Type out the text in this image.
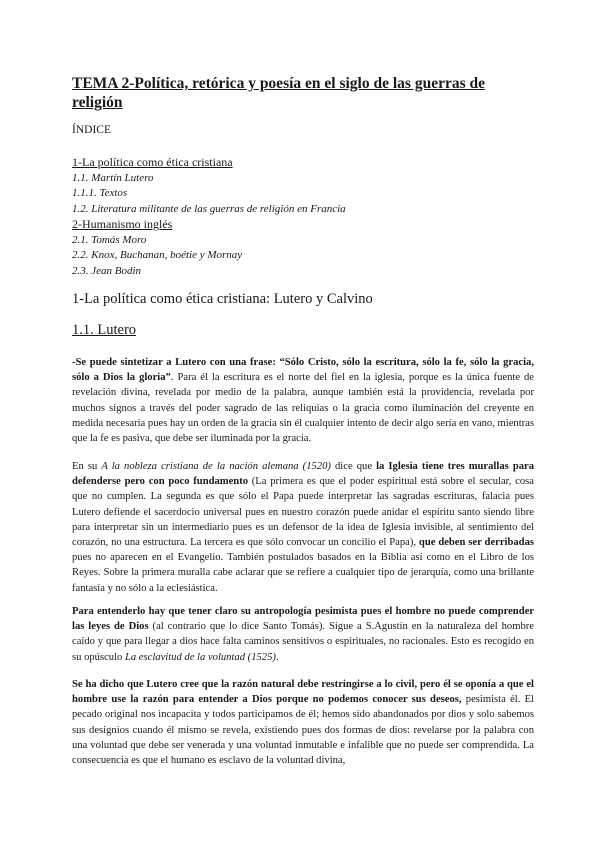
TEMA 2-Política, retórica y poesía en el siglo de las guerras de religión
ÍNDICE
1-La política como ética cristiana
1.1. Martín Lutero
1.1.1. Textos
1.2. Literatura militante de las guerras de religión en Francia
2-Humanismo inglés
2.1. Tomás Moro
2.2. Knox, Buchanan, boétie y Mornay
2.3. Jean Bodin
1-La política como ética cristiana: Lutero y Calvino
1.1. Lutero

-Se puede sintetizar a Lutero con una frase: “Sólo Cristo, sólo la escritura, sólo la fe, sólo la gracia, sólo a Dios la gloria”. Para él la escritura es el norte del fiel en la iglesia, porque es la única fuente de revelación divina, revelada por medio de la palabra, aunque también está la providencia, revelada por muchos signos a través del poder sagrado de las reliquias o la gracia como iluminación del creyente en medida necesaria pues hay un orden de la gracia sin él cualquier intento de decir algo sería en vano, mientras que la fe es pasiva, que debe ser iluminada por la gracia.

En su A la nobleza cristiana de la nación alemana (1520) dice que la Iglesia tiene tres murallas para defenderse pero con poco fundamento (La primera es que el poder espiritual está sobre el secular, cosa que no cumplen. La segunda es que sólo el Papa puede interpretar las sagradas escrituras, falacia pues Lutero defiende el sacerdocio universal pues en nuestro corazón puede anidar el espíritu santo siendo libre para interpretar sin un intermediario pues es un defensor de la idea de Iglesia invisible, al sentimiento del corazón, no una estructura. La tercera es que sólo convocar un concilio el Papa), que deben ser derribadas pues no aparecen en el Evangelio. También postulados basados en la Biblia así como en el Libro de los Reyes. Sobre la primera muralla cabe aclarar que se refiere a cualquier tipo de jerarquía, como una brillante fantasía y no sólo a la eclesiástica.

Para entenderlo hay que tener claro su antropología pesimista pues el hombre no puede comprender las leyes de Dios (al contrario que lo dice Santo Tomás). Sigue a S.Agustín en la naturaleza del hombre caído y que para llegar a dios hace falta caminos sensitivos o espirituales, no racionales. Esto es recogido en su opúsculo La esclavitud de la voluntad (1525).

Se ha dicho que Lutero cree que la razón natural debe restringirse a lo civil, pero él se oponía a que el hombre use la razón para entender a Dios porque no podemos conocer sus deseos, pesimista él. El pecado original nos incapacita y todos participamos de él; hemos sido abandonados por dios y solo sabemos sus designios cuando él mismo se revela, existiendo pues dos formas de dios: revelarse por la palabra con una voluntad que debe ser venerada y una voluntad inmutable e infalible que no puede ser comprendida. La consecuencia es que el humano es esclavo de la voluntad divina,
